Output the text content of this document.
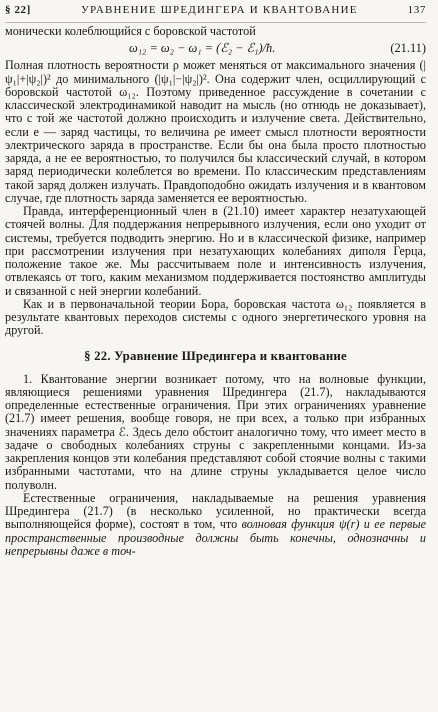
§ 22]	УРАВНЕНИЕ ШРЕДИНГЕРА И КВАНТОВАНИЕ	137

монически колеблющийся с боровской частотой

ω₁₂ = ω₂ − ω₁ = (ℰ₂ − ℰ₁)/ħ.	(21.11)

Полная плотность вероятности ρ может меняться от максимального значения (|ψ₁|+|ψ₂|)² до минимального (|ψ₁|−|ψ₂|)². Она содержит член, осциллирующий с боровской частотой ω₁₂. Поэтому приведенное рассуждение в сочетании с классической электродинамикой наводит на мысль (но отнюдь не доказывает), что с той же частотой должно происходить и излучение света. Действительно, если e — заряд частицы, то величина ρe имеет смысл плотности вероятности электрического заряда в пространстве. Если бы она была просто плотностью заряда, а не ее вероятностью, то получился бы классический случай, в котором заряд периодически колеблется во времени. По классическим представлениям такой заряд должен излучать. Правдоподобно ожидать излучения и в квантовом случае, где плотность заряда заменяется ее вероятностью.

Правда, интерференционный член в (21.10) имеет характер незатухающей стоячей волны. Для поддержания непрерывного излучения, если оно уходит от системы, требуется подводить энергию. Но и в классической физике, например при рассмотрении излучения при незатухающих колебаниях диполя Герца, положение такое же. Мы рассчитываем поле и интенсивность излучения, отвлекаясь от того, каким механизмом поддерживается постоянство амплитуды и связанной с ней энергии колебаний.

Как и в первоначальной теории Бора, боровская частота ω₁₂ появляется в результате квантовых переходов системы с одного энергетического уровня на другой.

§ 22. Уравнение Шредингера и квантование

1. Квантование энергии возникает потому, что на волновые функции, являющиеся решениями уравнения Шредингера (21.7), накладываются определенные естественные ограничения. При этих ограничениях уравнение (21.7) имеет решения, вообще говоря, не при всех, а только при избранных значениях параметра ℰ. Здесь дело обстоит аналогично тому, что имеет место в задаче о свободных колебаниях струны с закрепленными концами. Из-за закрепления концов эти колебания представляют собой стоячие волны с такими избранными частотами, что на длине струны укладывается целое число полуволн.

Естественные ограничения, накладываемые на решения уравнения Шредингера (21.7) (в несколько усиленной, но практически всегда выполняющейся форме), состоят в том, что волновая функция ψ(r) и ее первые пространственные производные должны быть конечны, однозначны и непрерывны даже в точ-
